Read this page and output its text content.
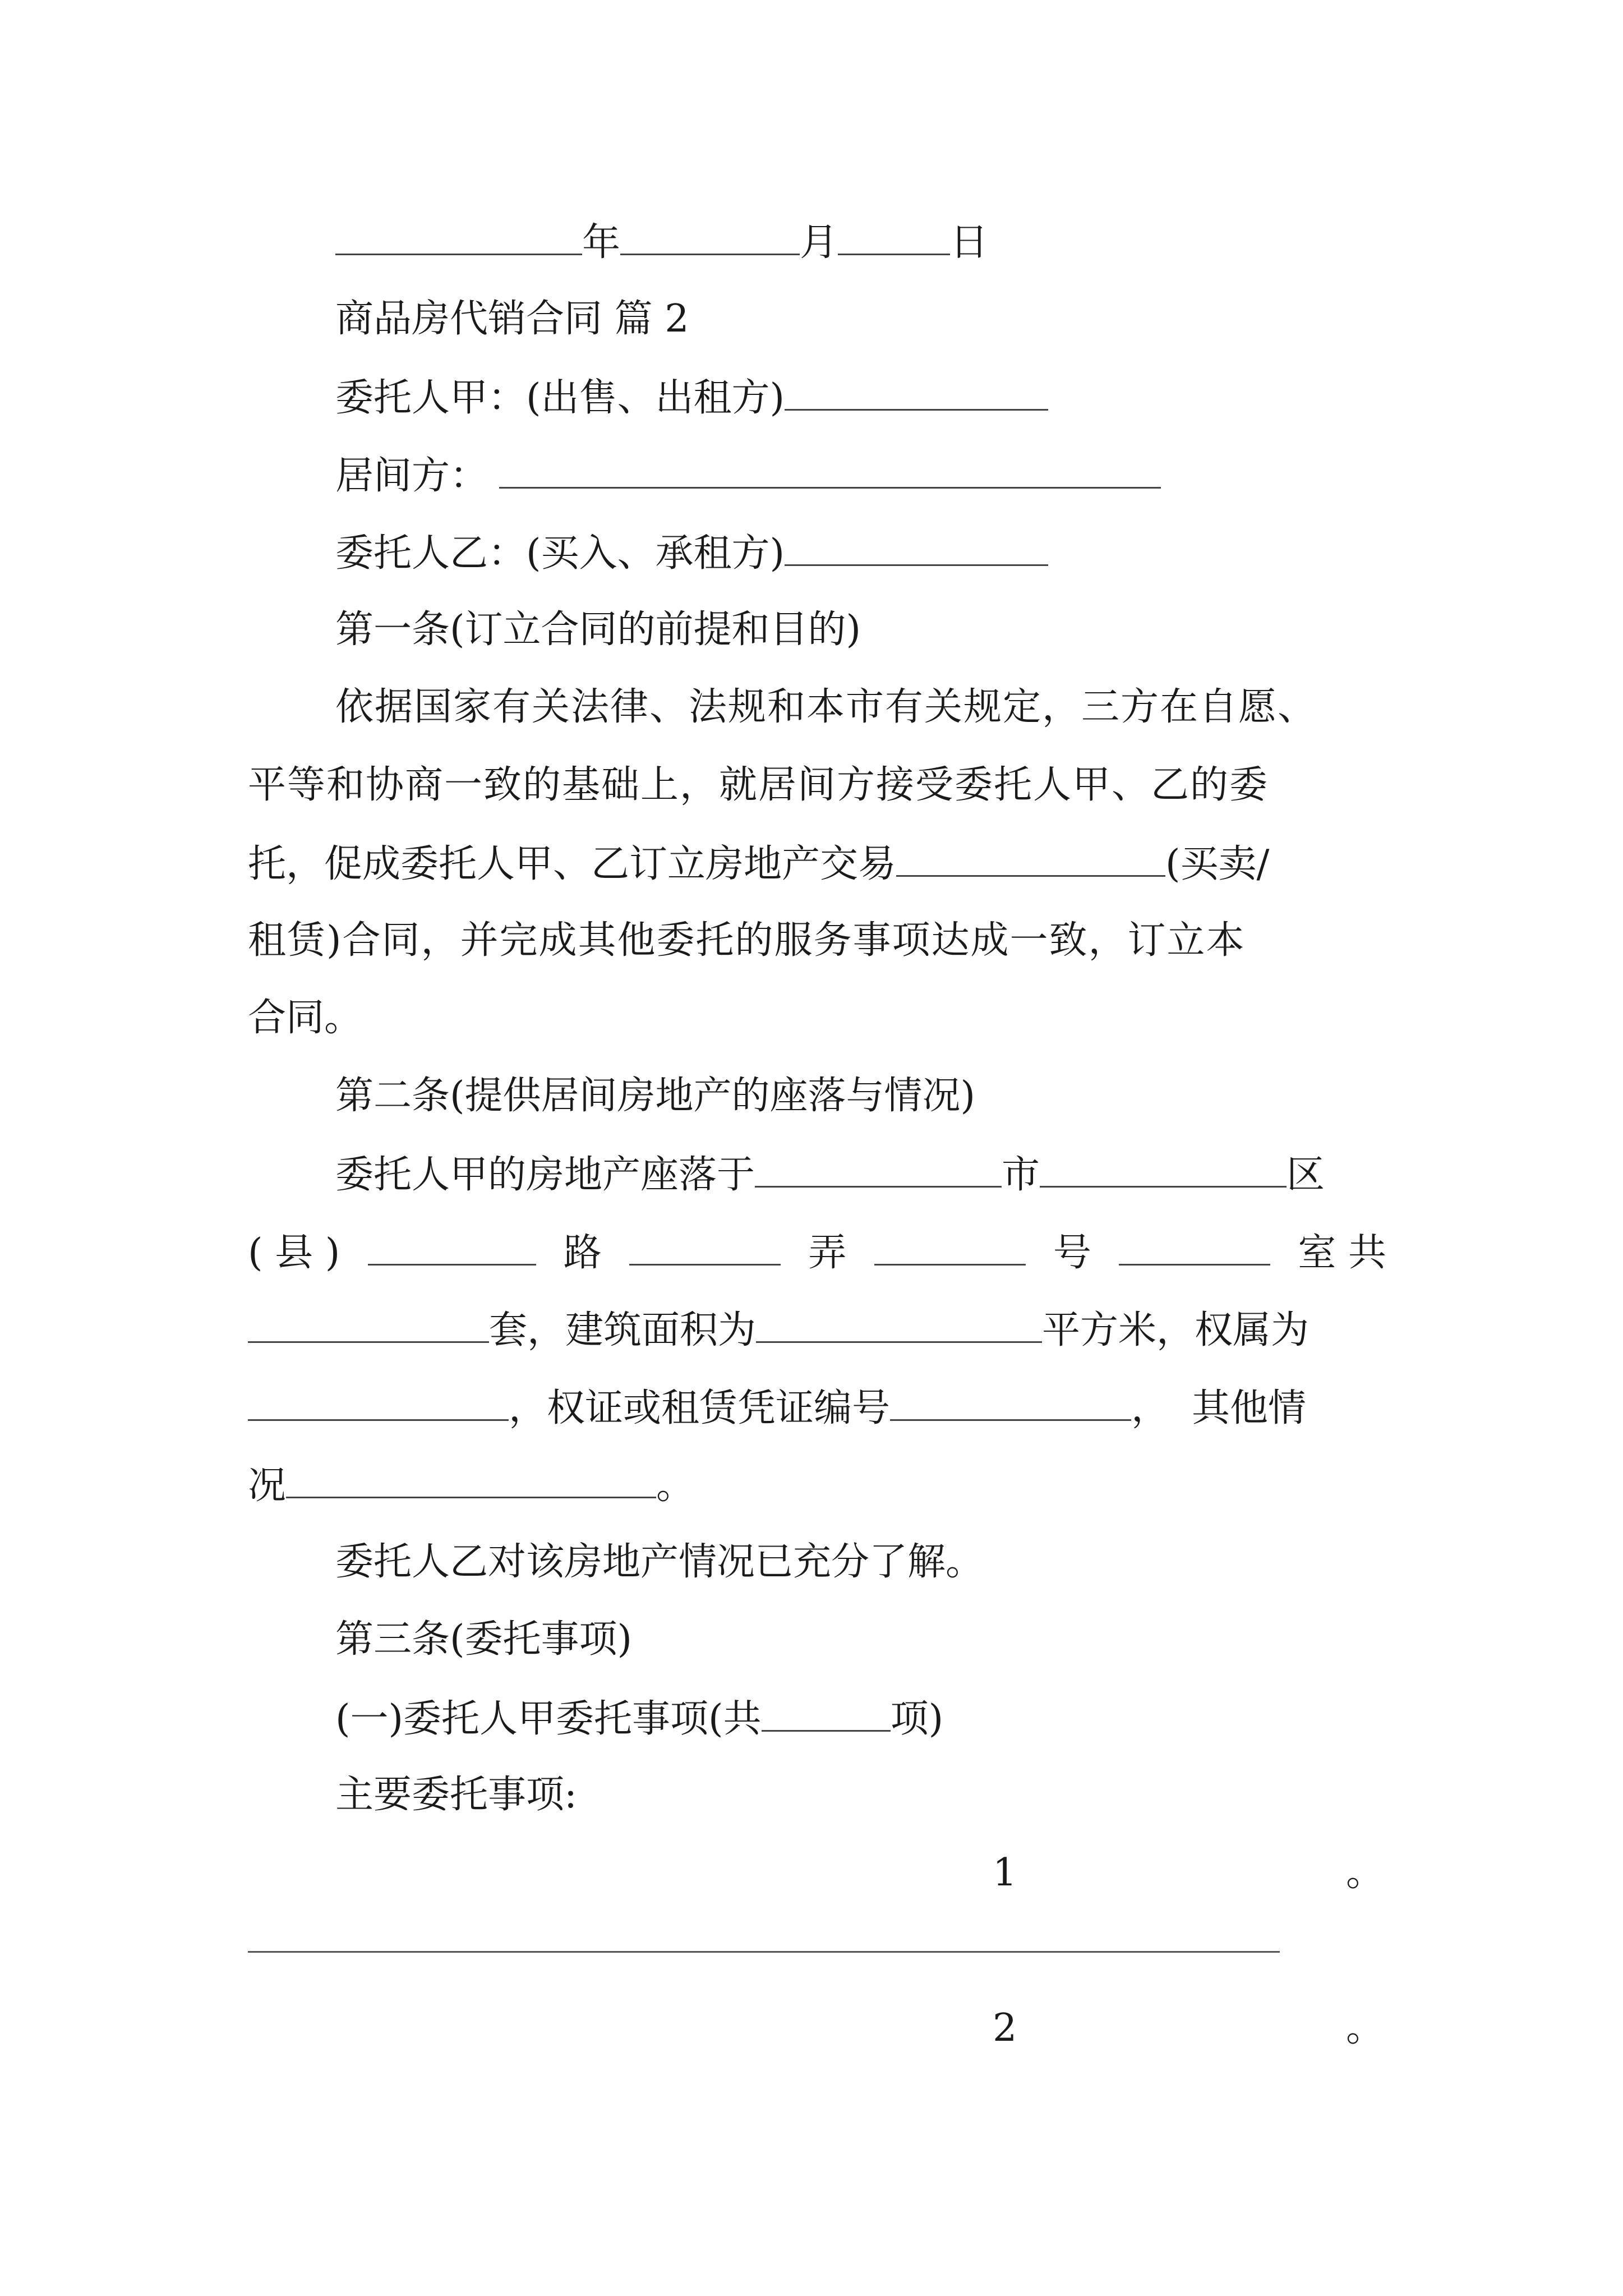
年	月	日
商品房代销合同 篇 2
委托人甲：(出售、出租方)
居间方：
委托人乙：(买入、承租方)
第一条(订立合同的前提和目的)
依据国家有关法律、法规和本市有关规定，三方在自愿、
平等和协商一致的基础上，就居间方接受委托人甲、乙的委
托，促成委托人甲、乙订立房地产交易	(买卖/
租赁)合同，并完成其他委托的服务事项达成一致，订立本
合同。
第二条(提供居间房地产的座落与情况)
委托人甲的房地产座落于	市	区
( 县 )	路	弄	号	室 共
套，建筑面积为	平方米，权属为
，权证或租赁凭证编号	， 其他情
况	。
委托人乙对该房地产情况已充分了解。
第三条(委托事项)
(一)委托人甲委托事项(共	项)
主要委托事项:
1	。
2	。
